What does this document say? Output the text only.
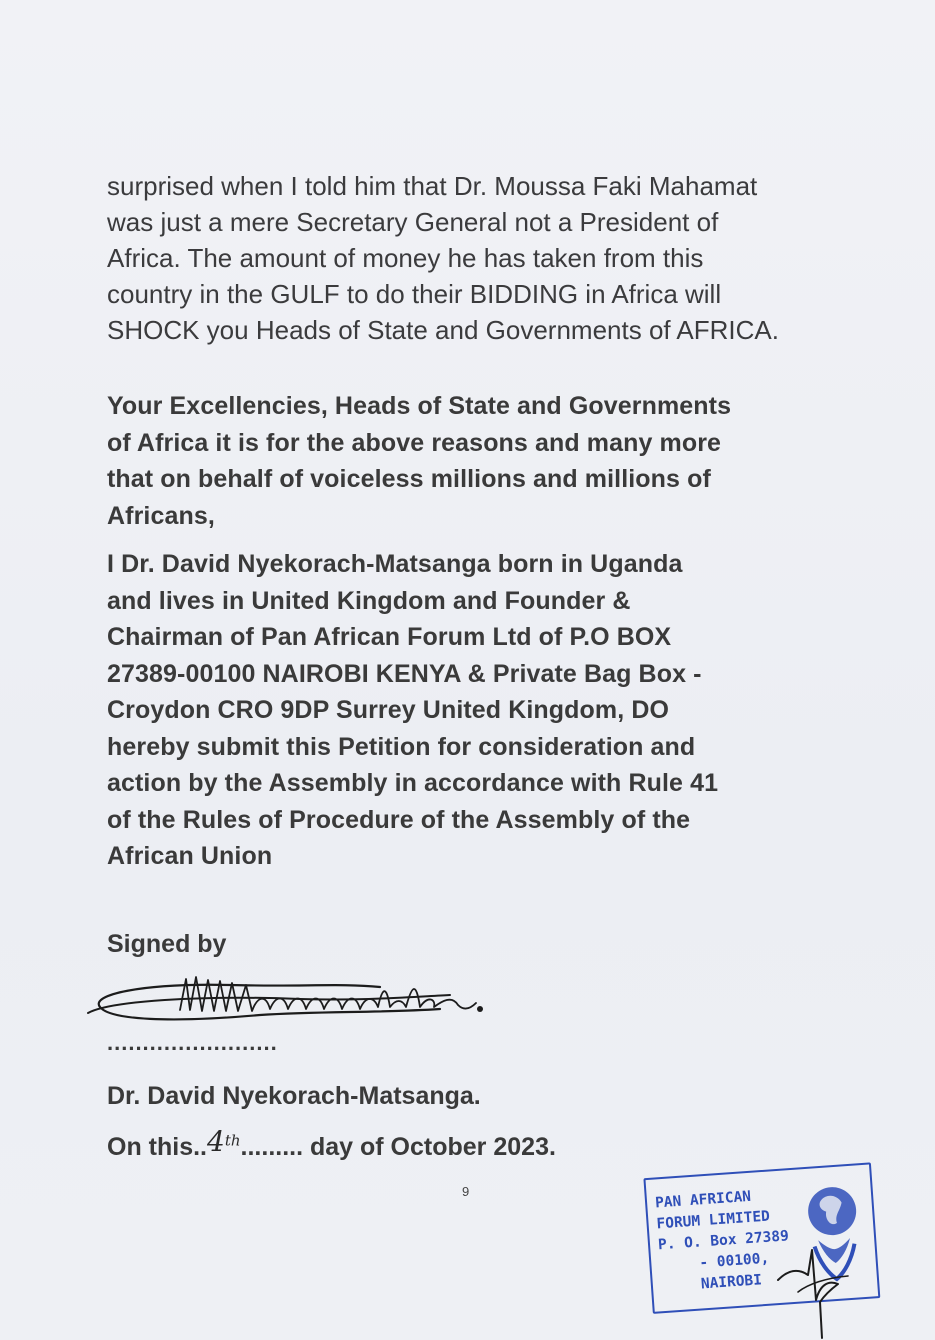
surprised when I told him that Dr. Moussa Faki Mahamat
was just a mere Secretary General not a President of
Africa. The amount of money he has taken from this
country in the GULF to do their BIDDING in Africa will
SHOCK you Heads of State and Governments of AFRICA.

Your Excellencies, Heads of State and Governments
of Africa it is for the above reasons and many more
that on behalf of voiceless millions and millions of
Africans,

I Dr. David Nyekorach-Matsanga born in Uganda
and lives in United Kingdom and Founder &
Chairman of Pan African Forum Ltd of P.O BOX
27389-00100 NAIROBI KENYA & Private Bag Box -
Croydon CRO 9DP Surrey United Kingdom, DO
hereby submit this Petition for consideration and
action by the Assembly in accordance with Rule 41
of the Rules of Procedure of the Assembly of the
African Union

Signed by

........................

Dr. David Nyekorach-Matsanga.

On this..4th......... day of October 2023.

9	PAN AFRICAN
FORUM LIMITED
P. O. Box 27389
- 00100,
NAIROBI
